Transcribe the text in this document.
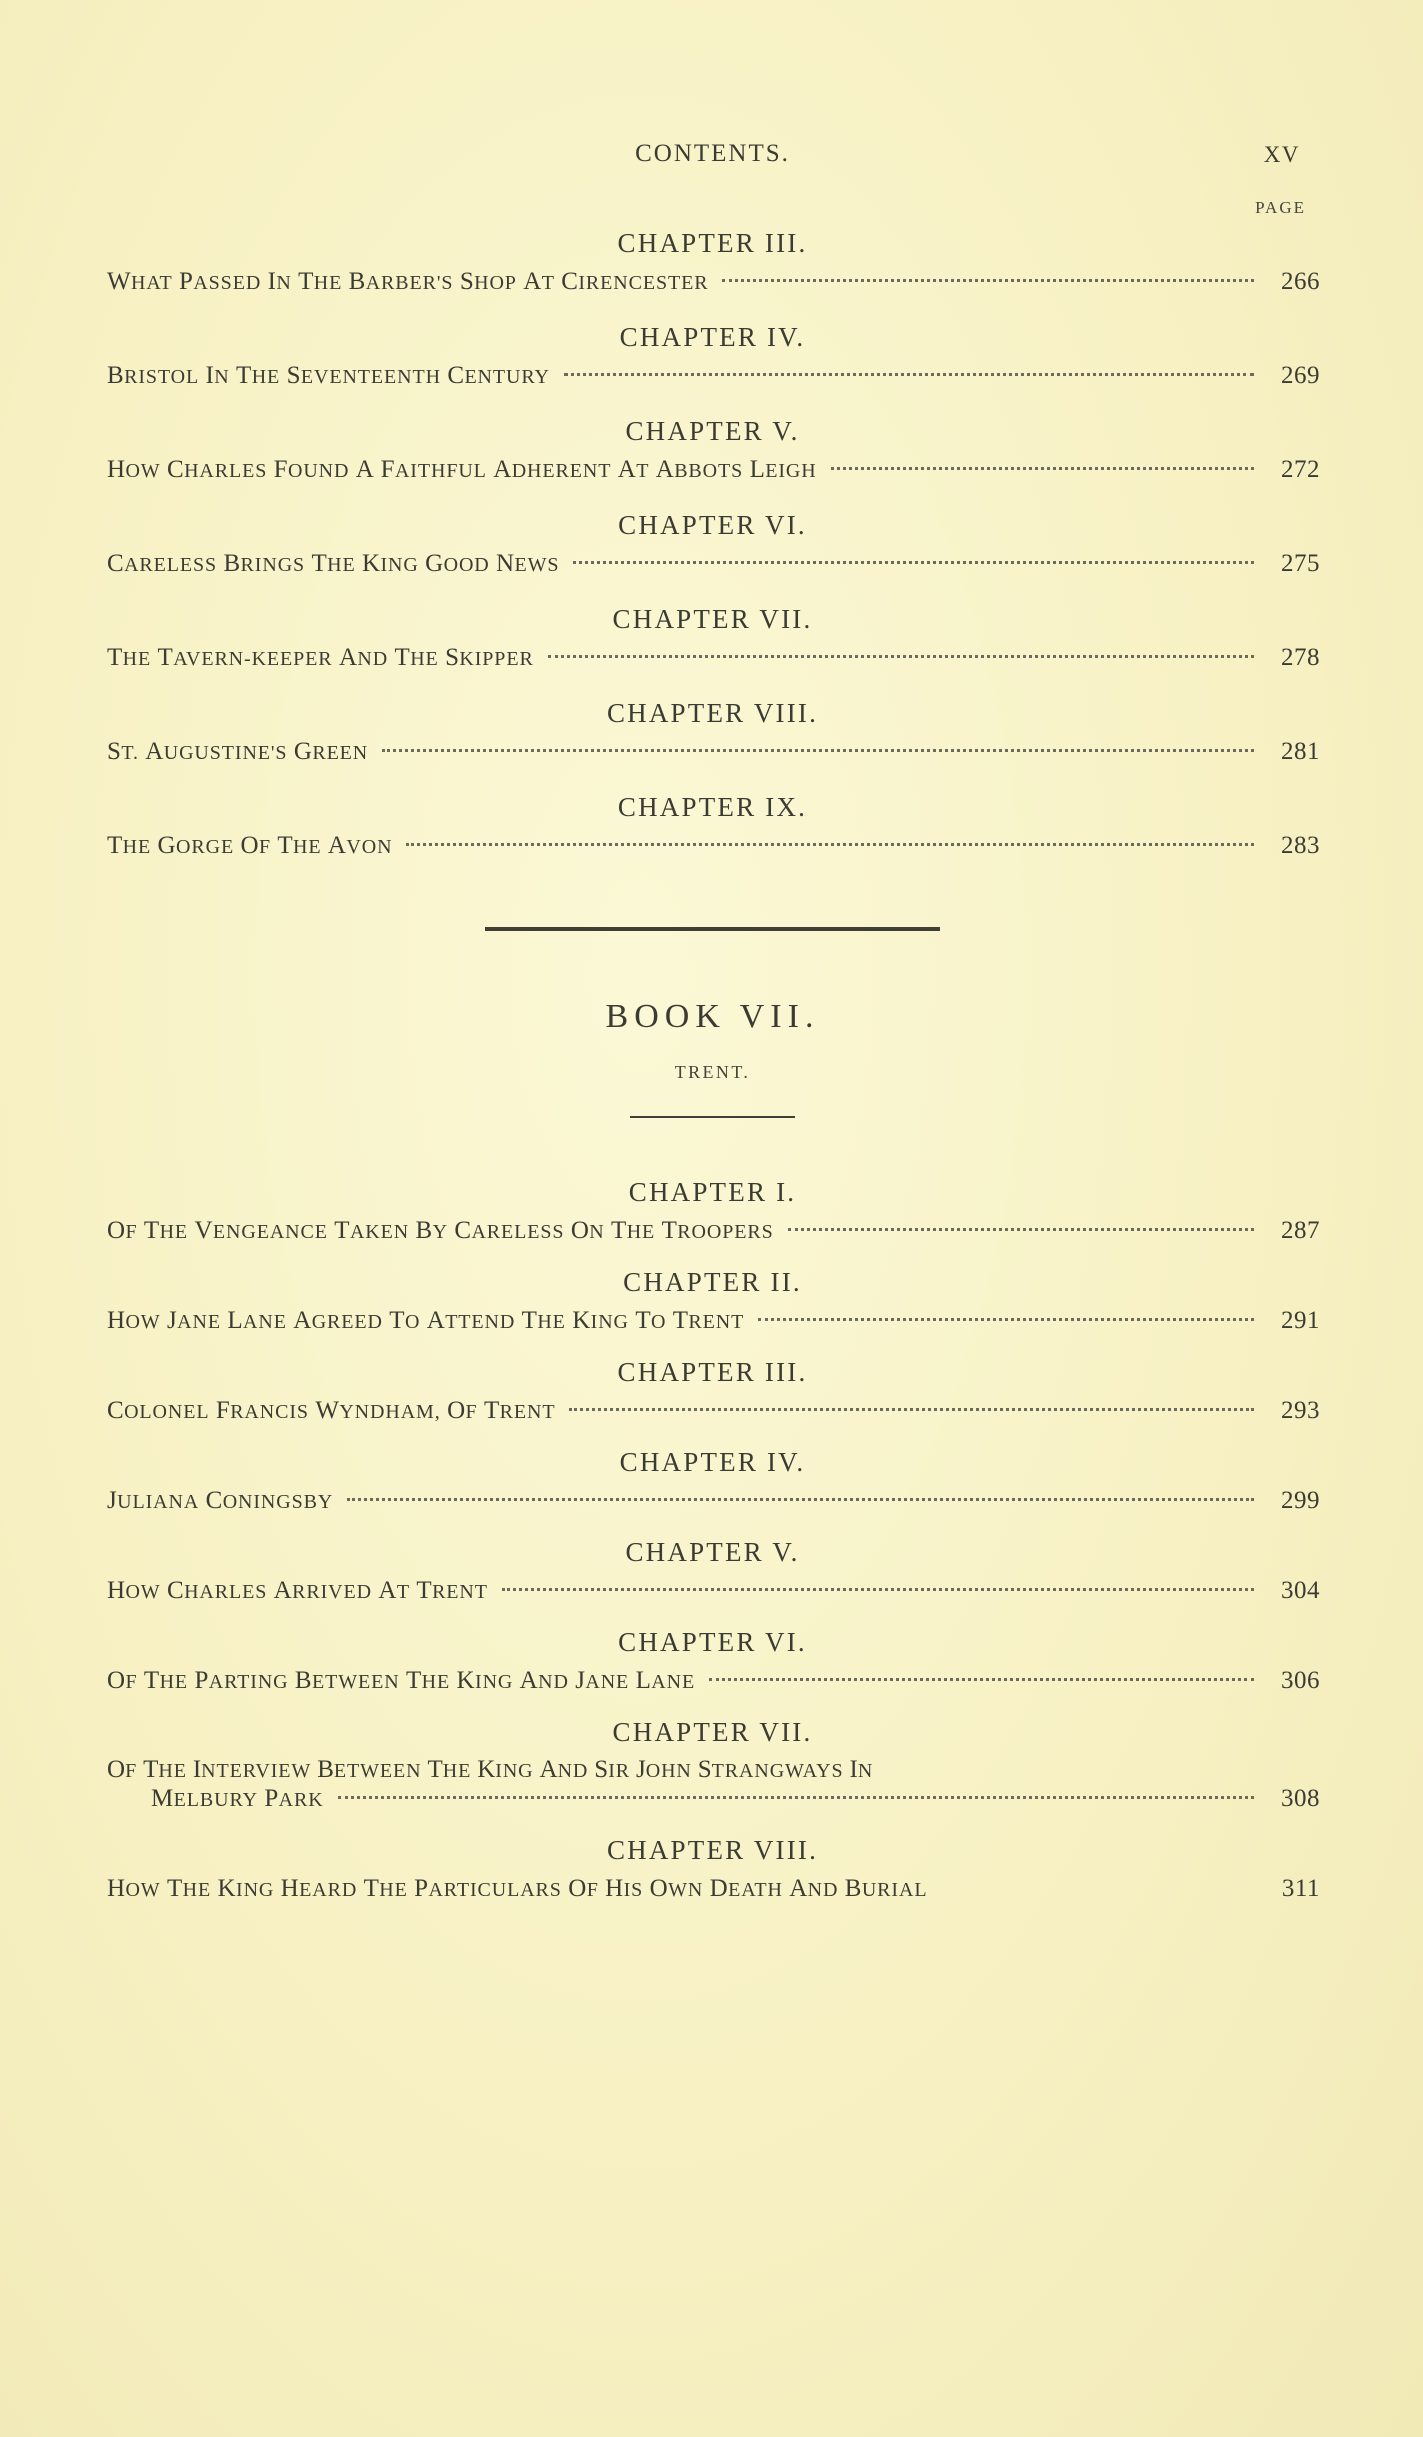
CONTENTS.	XV
PAGE
CHAPTER III.
WHAT PASSED IN THE BARBER'S SHOP AT CIRENCESTER	266
CHAPTER IV.
BRISTOL IN THE SEVENTEENTH CENTURY	269
CHAPTER V.
HOW CHARLES FOUND A FAITHFUL ADHERENT AT ABBOTS LEIGH	272
CHAPTER VI.
CARELESS BRINGS THE KING GOOD NEWS	275
CHAPTER VII.
THE TAVERN-KEEPER AND THE SKIPPER	278
CHAPTER VIII.
ST. AUGUSTINE'S GREEN	281
CHAPTER IX.
THE GORGE OF THE AVON	283
BOOK VII.
TRENT.
CHAPTER I.
OF THE VENGEANCE TAKEN BY CARELESS ON THE TROOPERS	287
CHAPTER II.
HOW JANE LANE AGREED TO ATTEND THE KING TO TRENT	291
CHAPTER III.
COLONEL FRANCIS WYNDHAM, OF TRENT	293
CHAPTER IV.
JULIANA CONINGSBY	299
CHAPTER V.
HOW CHARLES ARRIVED AT TRENT	304
CHAPTER VI.
OF THE PARTING BETWEEN THE KING AND JANE LANE	306
CHAPTER VII.
OF THE INTERVIEW BETWEEN THE KING AND SIR JOHN STRANGWAYS IN
MELBURY PARK	308
CHAPTER VIII.
HOW THE KING HEARD THE PARTICULARS OF HIS OWN DEATH AND BURIAL	311
